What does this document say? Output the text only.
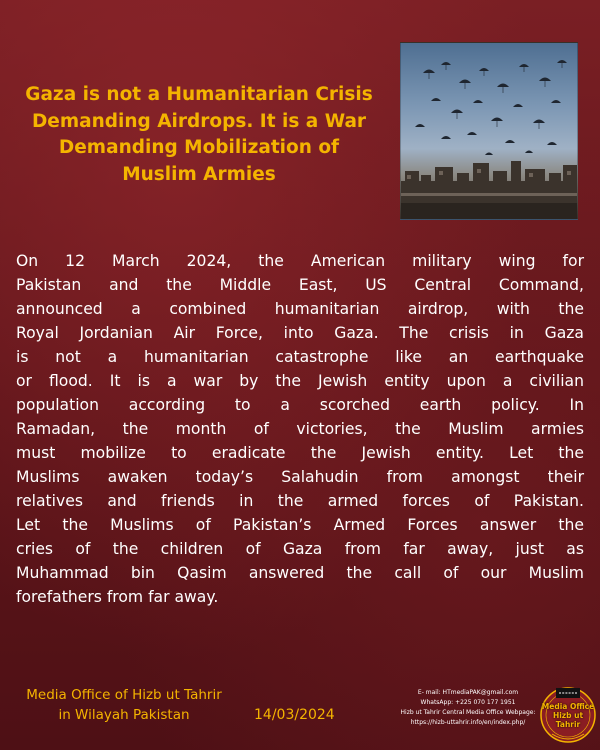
Gaza is not a Humanitarian Crisis
Demanding Airdrops. It is a War
Demanding Mobilization of
Muslim Armies
On 12 March 2024, the American military wing for
Pakistan and the Middle East, US Central Command,
announced a combined humanitarian airdrop, with the
Royal Jordanian Air Force, into Gaza. The crisis in Gaza
is not a humanitarian catastrophe like an earthquake
or flood. It is a war by the Jewish entity upon a civilian
population according to a scorched earth policy. In
Ramadan, the month of victories, the Muslim armies
must mobilize to eradicate the Jewish entity. Let the
Muslims awaken today’s Salahudin from amongst their
relatives and friends in the armed forces of Pakistan.
Let the Muslims of Pakistan’s Armed Forces answer the
cries of the children of Gaza from far away, just as
Muhammad bin Qasim answered the call of our Muslim
forefathers from far away.
Media Office of Hizb ut Tahrir
in Wilayah Pakistan	14/03/2024
E- mail: HTmediaPAK@gmail.com
WhatsApp: +225 070 177 1951
Hizb ut Tahrir Central Media Office Webpage:
https://hizb-uttahrir.info/en/index.php/
Media Office
Hizb ut
Tahrir
